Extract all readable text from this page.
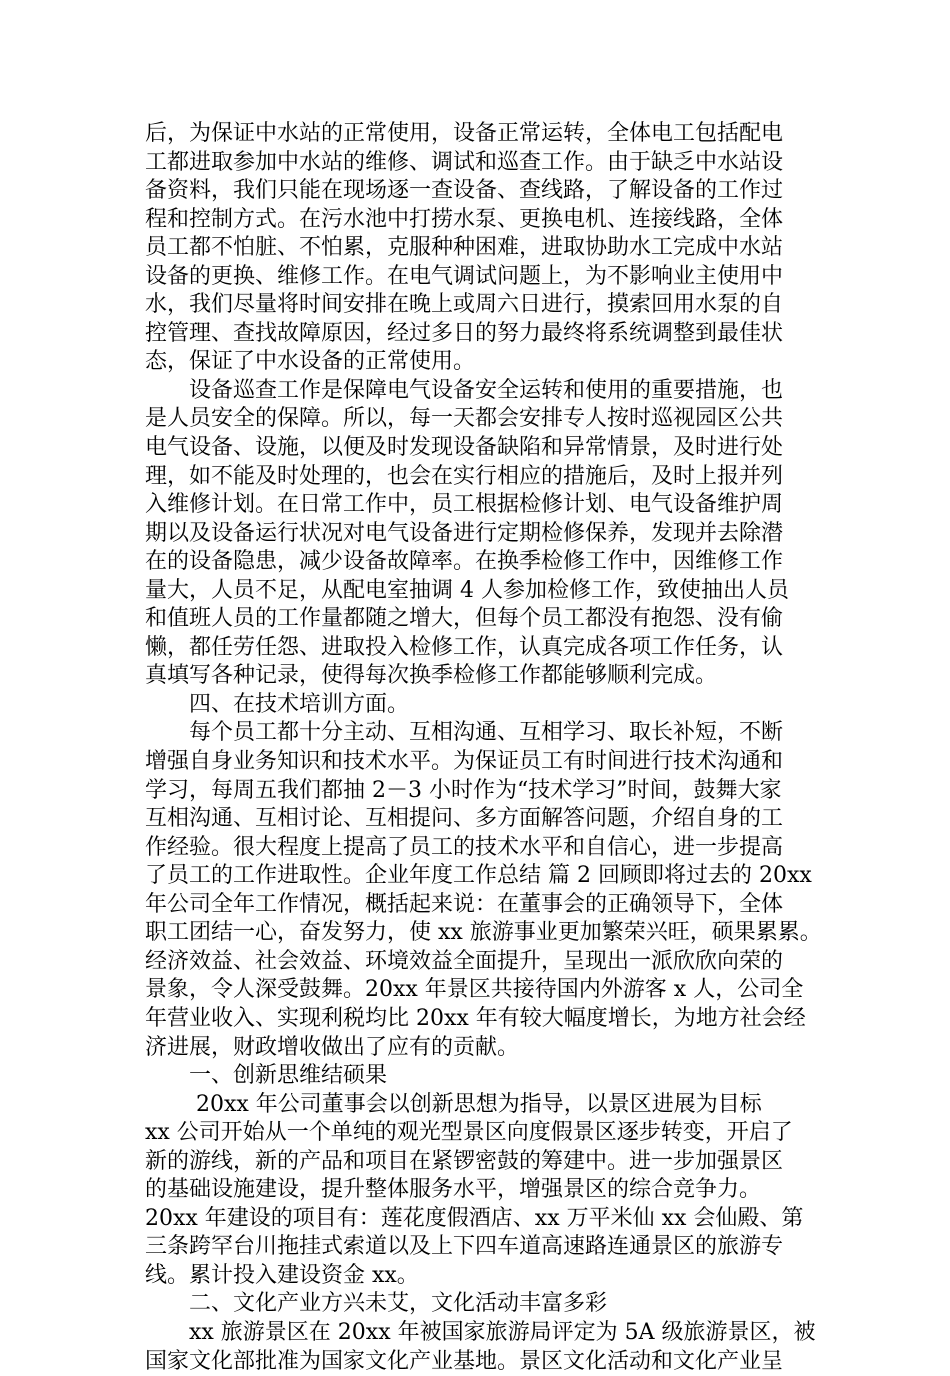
后，为保证中水站的正常使用，设备正常运转，全体电工包括配电
工都进取参加中水站的维修、调试和巡查工作。由于缺乏中水站设
备资料，我们只能在现场逐一查设备、查线路，了解设备的工作过
程和控制方式。在污水池中打捞水泵、更换电机、连接线路，全体
员工都不怕脏、不怕累，克服种种困难，进取协助水工完成中水站
设备的更换、维修工作。在电气调试问题上，为不影响业主使用中
水，我们尽量将时间安排在晚上或周六日进行，摸索回用水泵的自
控管理、查找故障原因，经过多日的努力最终将系统调整到最佳状
态，保证了中水设备的正常使用。
　　设备巡查工作是保障电气设备安全运转和使用的重要措施，也
是人员安全的保障。所以，每一天都会安排专人按时巡视园区公共
电气设备、设施，以便及时发现设备缺陷和异常情景，及时进行处
理，如不能及时处理的，也会在实行相应的措施后，及时上报并列
入维修计划。在日常工作中，员工根据检修计划、电气设备维护周
期以及设备运行状况对电气设备进行定期检修保养，发现并去除潜
在的设备隐患，减少设备故障率。在换季检修工作中，因维修工作
量大，人员不足，从配电室抽调 4 人参加检修工作，致使抽出人员
和值班人员的工作量都随之增大，但每个员工都没有抱怨、没有偷
懒，都任劳任怨、进取投入检修工作，认真完成各项工作任务，认
真填写各种记录，使得每次换季检修工作都能够顺利完成。
　　四、在技术培训方面。
　　每个员工都十分主动、互相沟通、互相学习、取长补短，不断
增强自身业务知识和技术水平。为保证员工有时间进行技术沟通和
学习，每周五我们都抽 2－3 小时作为“技术学习”时间，鼓舞大家
互相沟通、互相讨论、互相提问、多方面解答问题，介绍自身的工
作经验。很大程度上提高了员工的技术水平和自信心，进一步提高
了员工的工作进取性。企业年度工作总结 篇 2 回顾即将过去的 20xx
年公司全年工作情况，概括起来说：在董事会的正确领导下，全体
职工团结一心，奋发努力，使 xx 旅游事业更加繁荣兴旺，硕果累累。
经济效益、社会效益、环境效益全面提升，呈现出一派欣欣向荣的
景象，令人深受鼓舞。20xx 年景区共接待国内外游客 x 人，公司全
年营业收入、实现利税均比 20xx 年有较大幅度增长，为地方社会经
济进展，财政增收做出了应有的贡献。
　　一、创新思维结硕果
　　 20xx 年公司董事会以创新思想为指导，以景区进展为目标
xx 公司开始从一个单纯的观光型景区向度假景区逐步转变，开启了
新的游线，新的产品和项目在紧锣密鼓的筹建中。进一步加强景区
的基础设施建设，提升整体服务水平，增强景区的综合竞争力。
20xx 年建设的项目有：莲花度假酒店、xx 万平米仙 xx 会仙殿、第
三条跨罕台川拖挂式索道以及上下四车道高速路连通景区的旅游专
线。累计投入建设资金 xx。
　　二、文化产业方兴未艾，文化活动丰富多彩
　　xx 旅游景区在 20xx 年被国家旅游局评定为 5A 级旅游景区，被
国家文化部批准为国家文化产业基地。景区文化活动和文化产业呈
